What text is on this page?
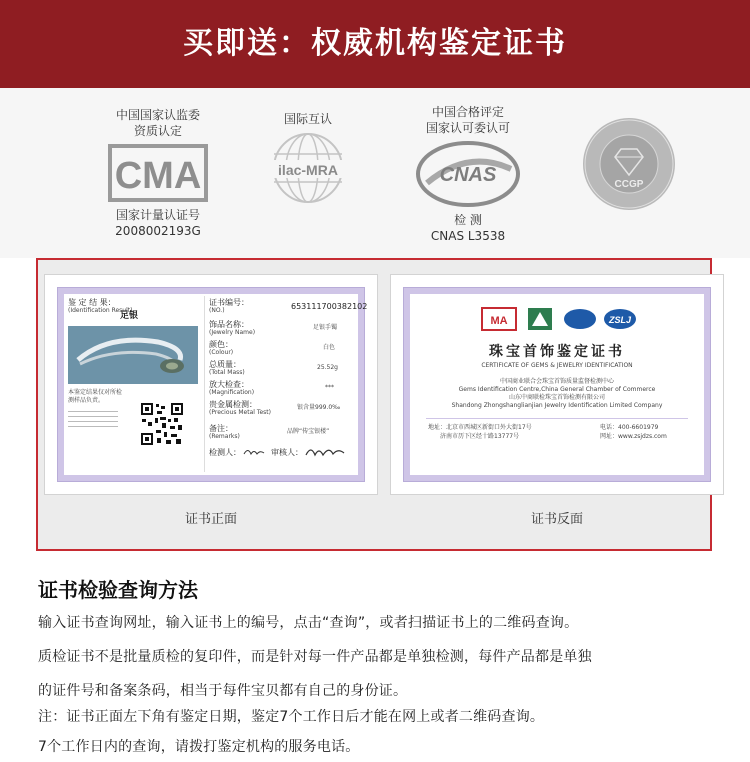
买即送：权威机构鉴定证书
中国国家认监委
资质认定
CMA
国家计量认证号
2008002193G
国际互认
ilac-MRA
中国合格评定
国家认可委认可
CNAS
检 测
CNAS L3538
CCGP
鉴 定 结 果：
(Identification Result)
足银
本鉴定结果仅对所检
测样品负责。
证书编号：
(NO.)	6531117003821​02
饰品名称：
(Jewelry Name)
足银手镯
颜色：
(Colour)
白色
总质量：
(Total Mass)
25.52g
放大检查：
(Magnification)
***
贵金属检测：
(Precious Metal Test)
银含量999.0‰
备注：
(Remarks)
品牌“传宝银楼”
检测人：	审核人：
证书正面
MA	ZSLJ
珠宝首饰鉴定证书
CERTIFICATE OF GEMS & JEWELRY IDENTIFICATION
中国商业联合会珠宝首饰质量监督检测中心
Gems Identification Centre,China General Chamber of Commerce
山东中商联检珠宝首饰检测有限公司
Shandong Zhongshanglianjian Jewelry Identification Limited Company
地址：北京市西城区新街口外大街17号
济南市历下区经十路13777号
电话：400-6601979
网址：www.zsjdzs.com
证书反面
证书检验查询方法
输入证书查询网址，输入证书上的编号，点击“查询”，或者扫描证书上的二维码查询。
质检证书不是批量质检的复印件，而是针对每一件产品都是单独检测，每件产品都是单独
的证件号和备案条码，相当于每件宝贝都有自己的身份证。
注：证书正面左下角有鉴定日期，鉴定7个工作日后才能在网上或者二维码查询。
7个工作日内的查询，请拨打鉴定机构的服务电话。
